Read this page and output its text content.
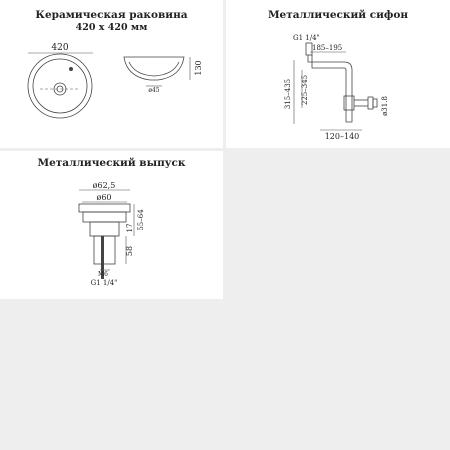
Керамическая раковина
420 x 420 мм
420
130
ø45
Металлический сифон
G1 1/4"
185–195
315–435 225–345
ø31.8
120–140
Металлический выпуск
ø62,5
ø60
M6
G1 1/4"
55–64
17
58
